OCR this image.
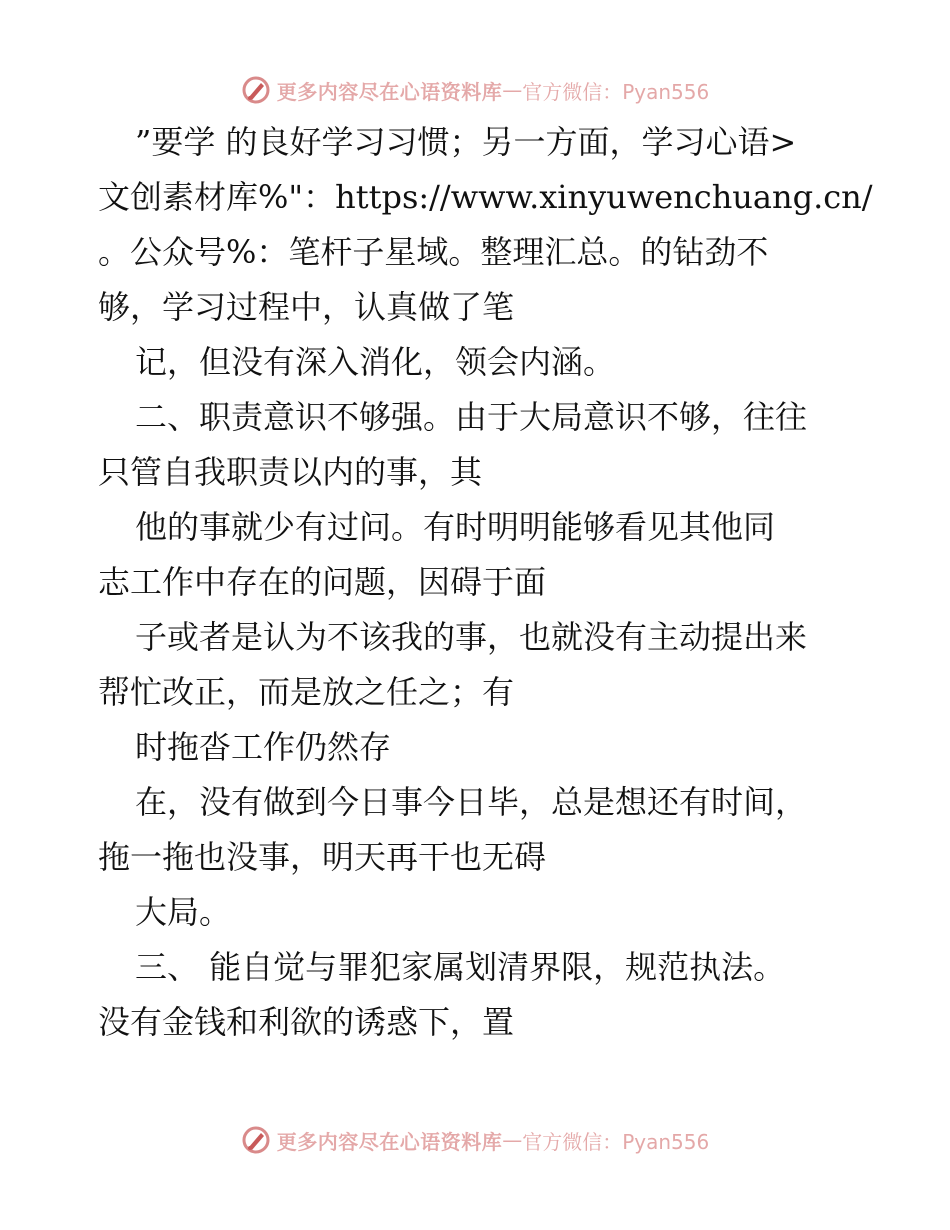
更多内容尽在心语资料库 — 官方微信：Pyan556
”要学 的良好学习习惯；另一方面，学习心语>
文创素材库%"：https://www.xinyuwenchuang.cn/
。公众号%：笔杆子星域。整理汇总。的钻劲不
够，学习过程中，认真做了笔
记，但没有深入消化，领会内涵。
二、职责意识不够强。由于大局意识不够，往往
只管自我职责以内的事，其
他的事就少有过问。有时明明能够看见其他同
志工作中存在的问题，因碍于面
子或者是认为不该我的事，也就没有主动提出来
帮忙改正，而是放之任之；有
时拖沓工作仍然存
在，没有做到今日事今日毕，总是想还有时间，
拖一拖也没事，明天再干也无碍
大局。
三、 能自觉与罪犯家属划清界限，规范执法。
没有金钱和利欲的诱惑下，置
更多内容尽在心语资料库 — 官方微信：Pyan556
